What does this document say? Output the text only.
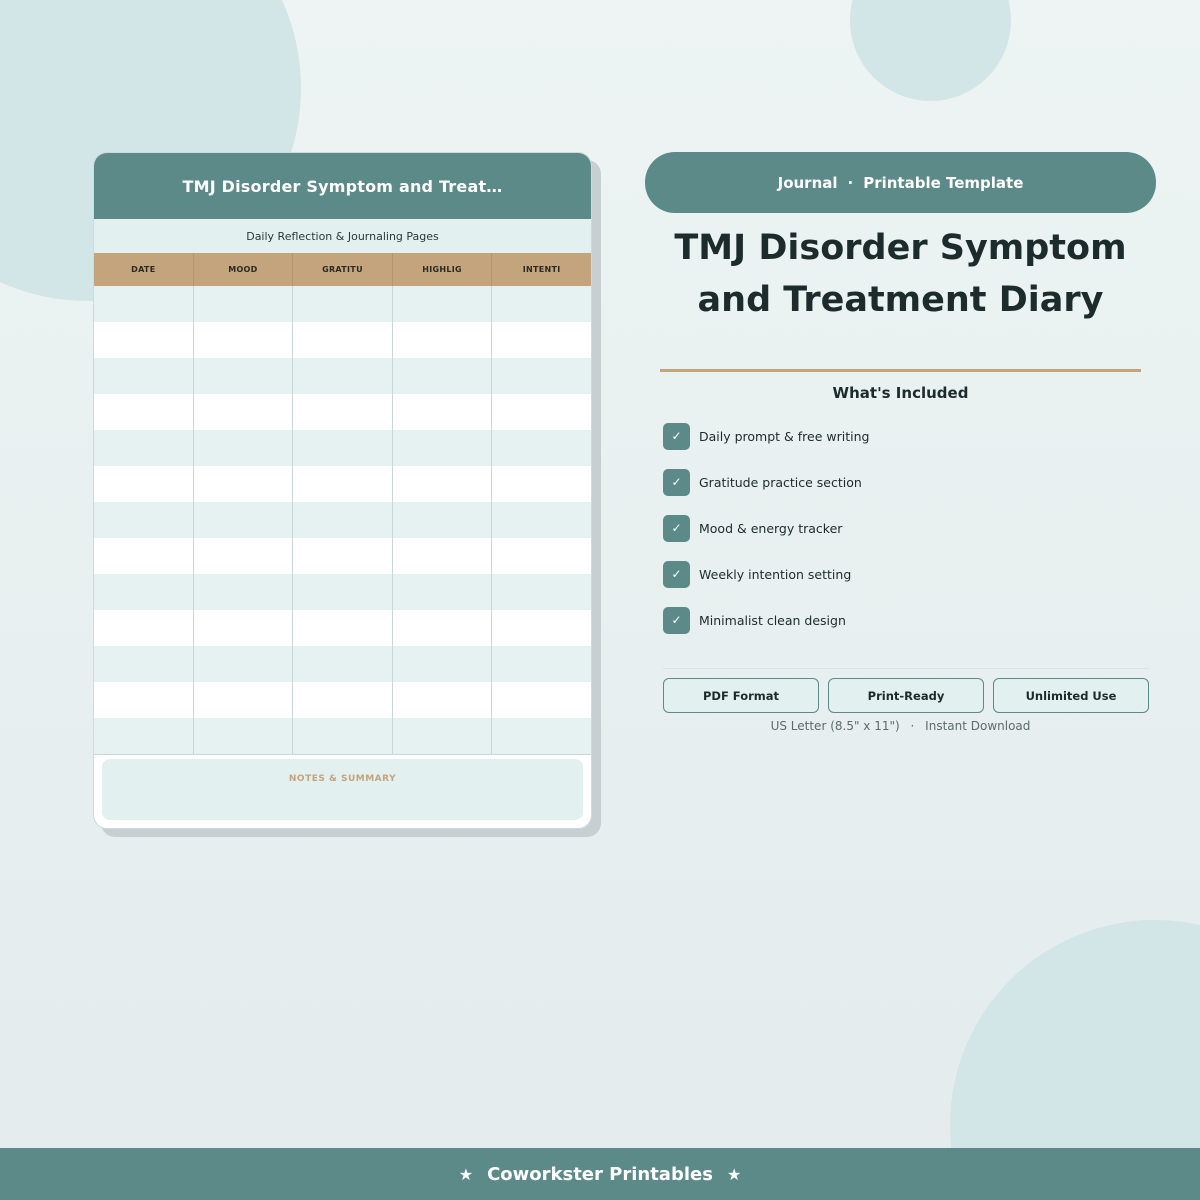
TMJ Disorder Symptom and Treat…
Daily Reflection & Journaling Pages
DATE	MOOD	GRATITU	HIGHLIG	INTENTI
NOTES & SUMMARY
Journal · Printable Template
TMJ Disorder Symptom
and Treatment Diary
What's Included
✓	Daily prompt & free writing
✓	Gratitude practice section
✓	Mood & energy tracker
✓	Weekly intention setting
✓	Minimalist clean design
PDF Format	Print-Ready	Unlimited Use
US Letter (8.5" x 11") · Instant Download
★ Coworkster Printables ★
